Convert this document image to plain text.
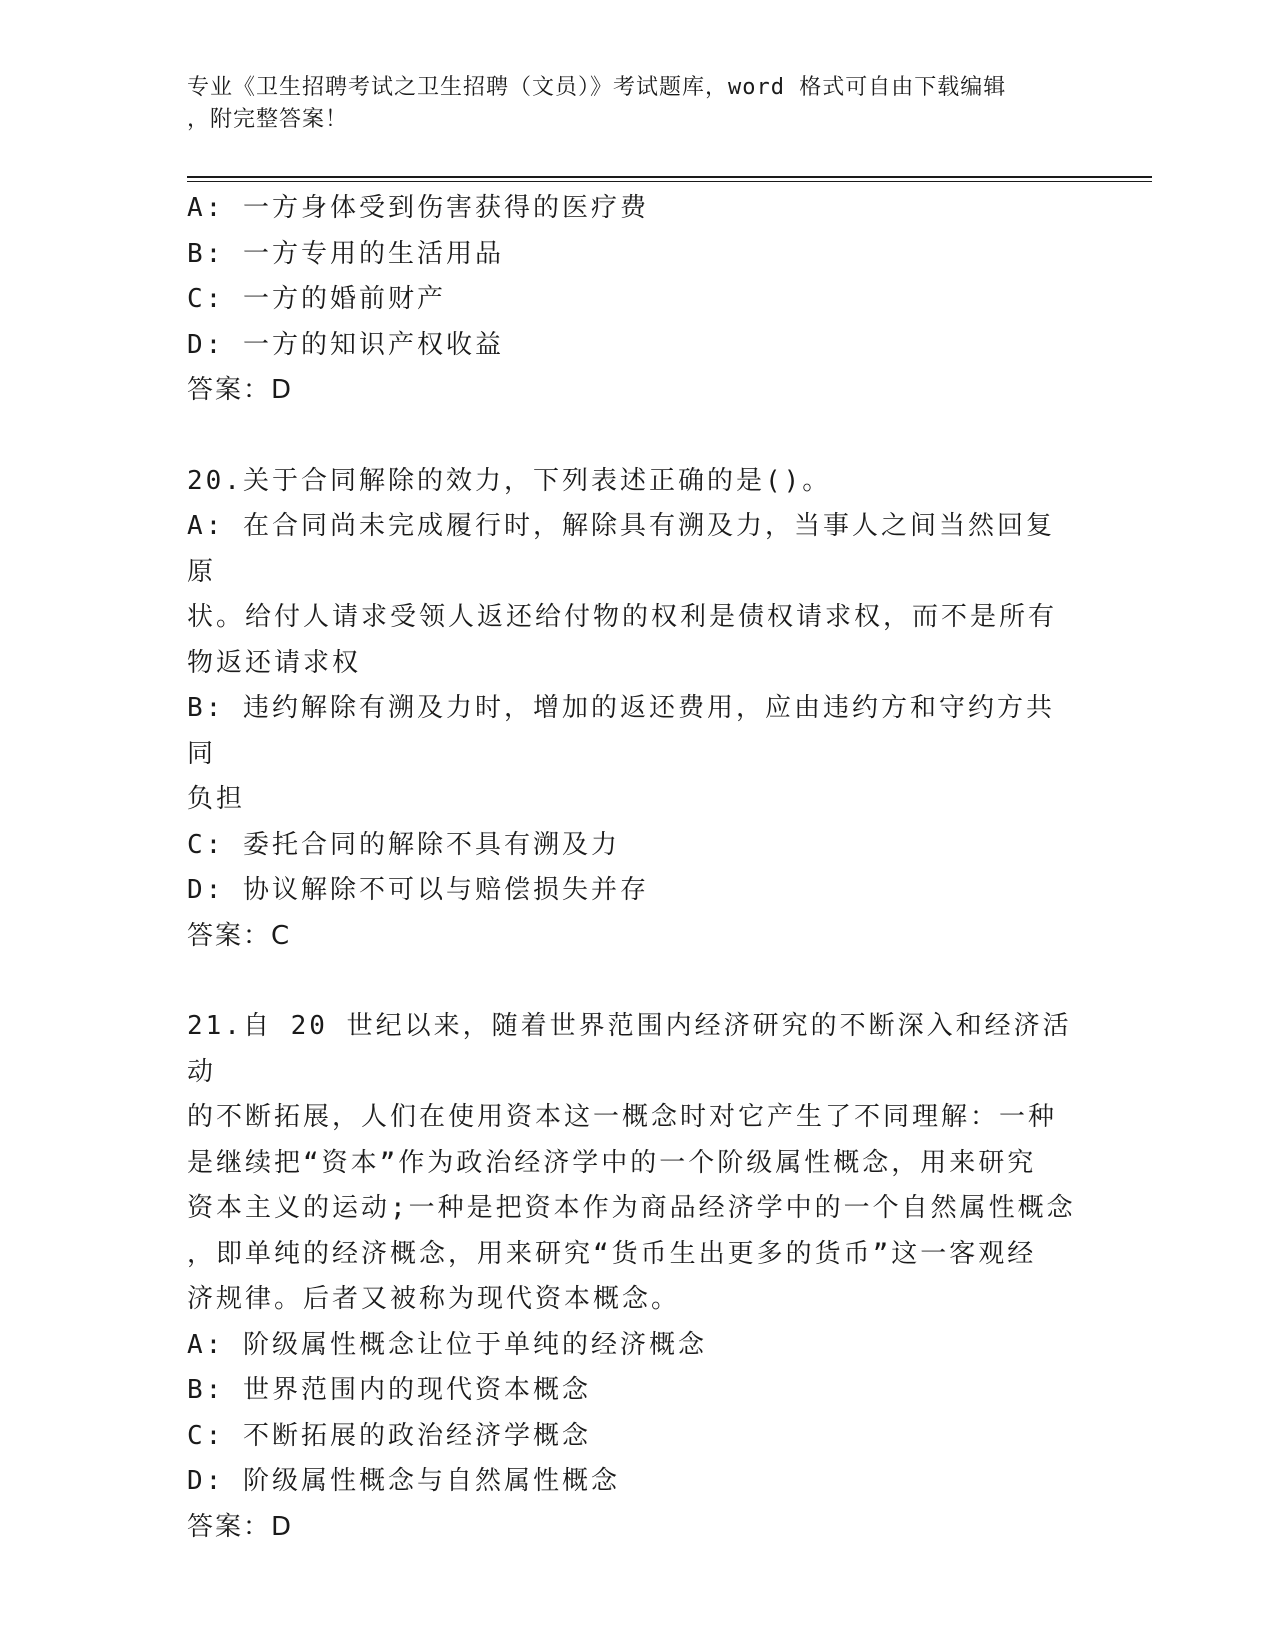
专业《卫生招聘考试之卫生招聘（文员）》考试题库，word 格式可自由下载编辑
，附完整答案！
A: 一方身体受到伤害获得的医疗费
B: 一方专用的生活用品
C: 一方的婚前财产
D: 一方的知识产权收益
答案：D
20.关于合同解除的效力，下列表述正确的是()。
A: 在合同尚未完成履行时，解除具有溯及力，当事人之间当然回复原
状。给付人请求受领人返还给付物的权利是债权请求权，而不是所有
物返还请求权
B: 违约解除有溯及力时，增加的返还费用，应由违约方和守约方共同
负担
C: 委托合同的解除不具有溯及力
D: 协议解除不可以与赔偿损失并存
答案：C
21.自 20 世纪以来，随着世界范围内经济研究的不断深入和经济活动
的不断拓展，人们在使用资本这一概念时对它产生了不同理解：一种
是继续把“资本”作为政治经济学中的一个阶级属性概念，用来研究
资本主义的运动;一种是把资本作为商品经济学中的一个自然属性概念
，即单纯的经济概念，用来研究“货币生出更多的货币”这一客观经
济规律。后者又被称为现代资本概念。
A: 阶级属性概念让位于单纯的经济概念
B: 世界范围内的现代资本概念
C: 不断拓展的政治经济学概念
D: 阶级属性概念与自然属性概念
答案：D
